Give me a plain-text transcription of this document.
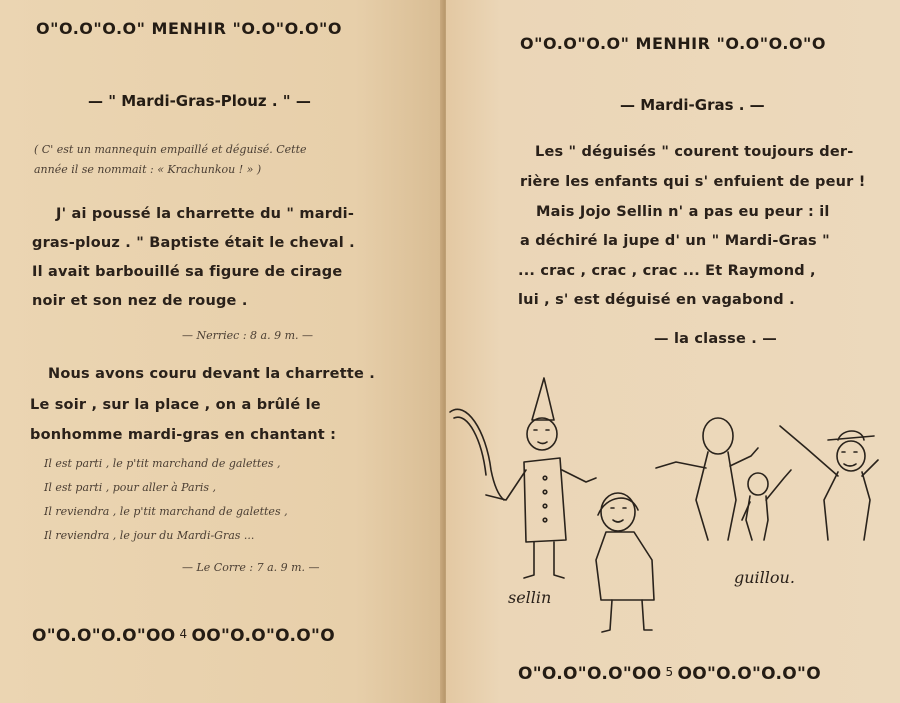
O"O.O"O.O" MENHIR "O.O"O.O"O
— " Mardi-Gras-Plouz . " —
( C' est un mannequin empaillé et déguisé. Cette
année il se nommait : « Krachunkou ! » )
J' ai poussé la charrette du " mardi-
gras-plouz . " Baptiste était le cheval .
Il avait barbouillé sa figure de cirage
noir et son nez de rouge .
— Nerriec : 8 a. 9 m. —
Nous avons couru devant la charrette .
Le soir , sur la place , on a brûlé le
bonhomme mardi-gras en chantant :
Il est parti , le p'tit marchand de galettes ,
Il est parti , pour aller à Paris ,
Il reviendra , le p'tit marchand de galettes ,
Il reviendra , le jour du Mardi-Gras ...
— Le Corre : 7 a. 9 m. —
O"O.O"O.O"OO 4 OO"O.O"O.O"O
O"O.O"O.O" MENHIR "O.O"O.O"O
— Mardi-Gras . —
Les " déguisés " courent toujours der-
rière les enfants qui s' enfuient de peur !
Mais Jojo Sellin n' a pas eu peur : il
a déchiré la jupe d' un " Mardi-Gras "
... crac , crac , crac ... Et Raymond ,
lui , s' est déguisé en vagabond .
— la classe . —
sellin
guillou.
O"O.O"O.O"OO 5 OO"O.O"O.O"O
